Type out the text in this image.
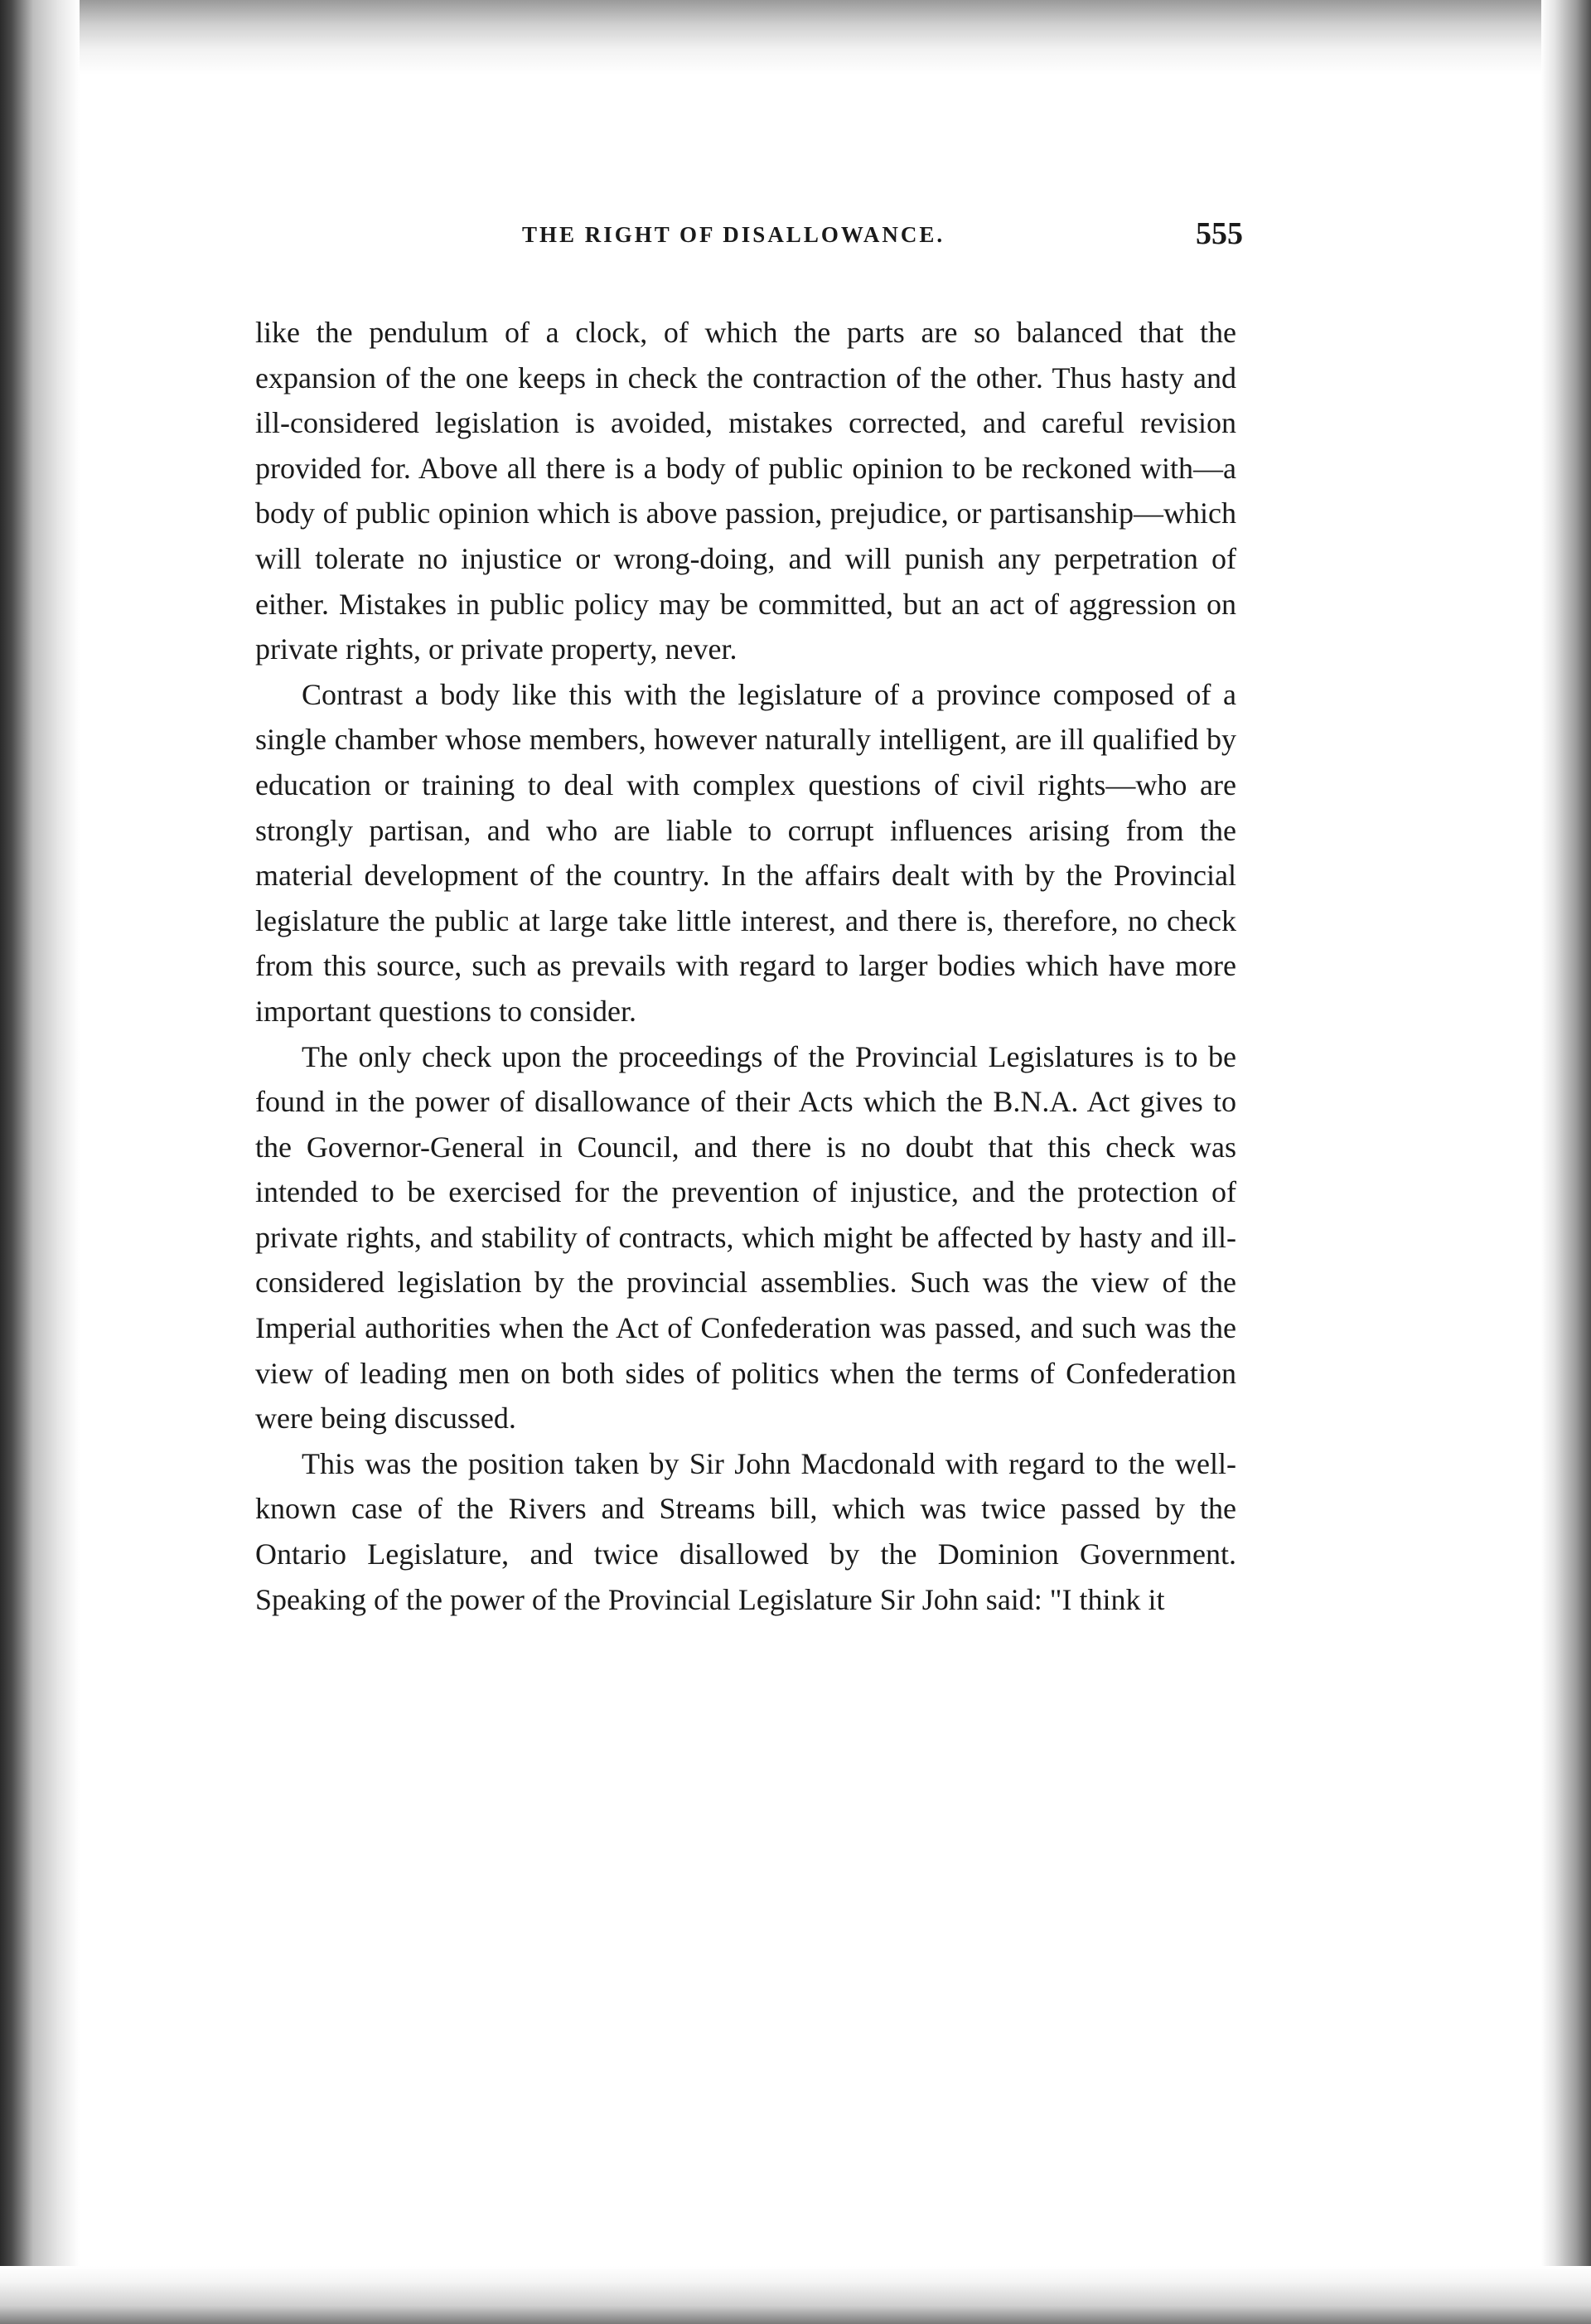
THE RIGHT OF DISALLOWANCE.	555

like the pendulum of a clock, of which the parts are so balanced that the expansion of the one keeps in check the contraction of the other. Thus hasty and ill-considered legislation is avoided, mistakes corrected, and careful revision provided for. Above all there is a body of public opinion to be reckoned with—a body of public opinion which is above passion, prejudice, or partisanship—which will tolerate no injustice or wrong-doing, and will punish any perpetration of either. Mistakes in public policy may be committed, but an act of aggression on private rights, or private property, never.

Contrast a body like this with the legislature of a province composed of a single chamber whose members, however naturally intelligent, are ill qualified by education or training to deal with complex questions of civil rights—who are strongly partisan, and who are liable to corrupt influences arising from the material development of the country. In the affairs dealt with by the Provincial legislature the public at large take little interest, and there is, therefore, no check from this source, such as prevails with regard to larger bodies which have more important questions to consider.

The only check upon the proceedings of the Provincial Legislatures is to be found in the power of disallowance of their Acts which the B.N.A. Act gives to the Governor-General in Council, and there is no doubt that this check was intended to be exercised for the prevention of injustice, and the protection of private rights, and stability of contracts, which might be affected by hasty and ill-considered legislation by the provincial assemblies. Such was the view of the Imperial authorities when the Act of Confederation was passed, and such was the view of leading men on both sides of politics when the terms of Confederation were being discussed.

This was the position taken by Sir John Macdonald with regard to the well-known case of the Rivers and Streams bill, which was twice passed by the Ontario Legislature, and twice disallowed by the Dominion Government. Speaking of the power of the Provincial Legislature Sir John said: "I think it
